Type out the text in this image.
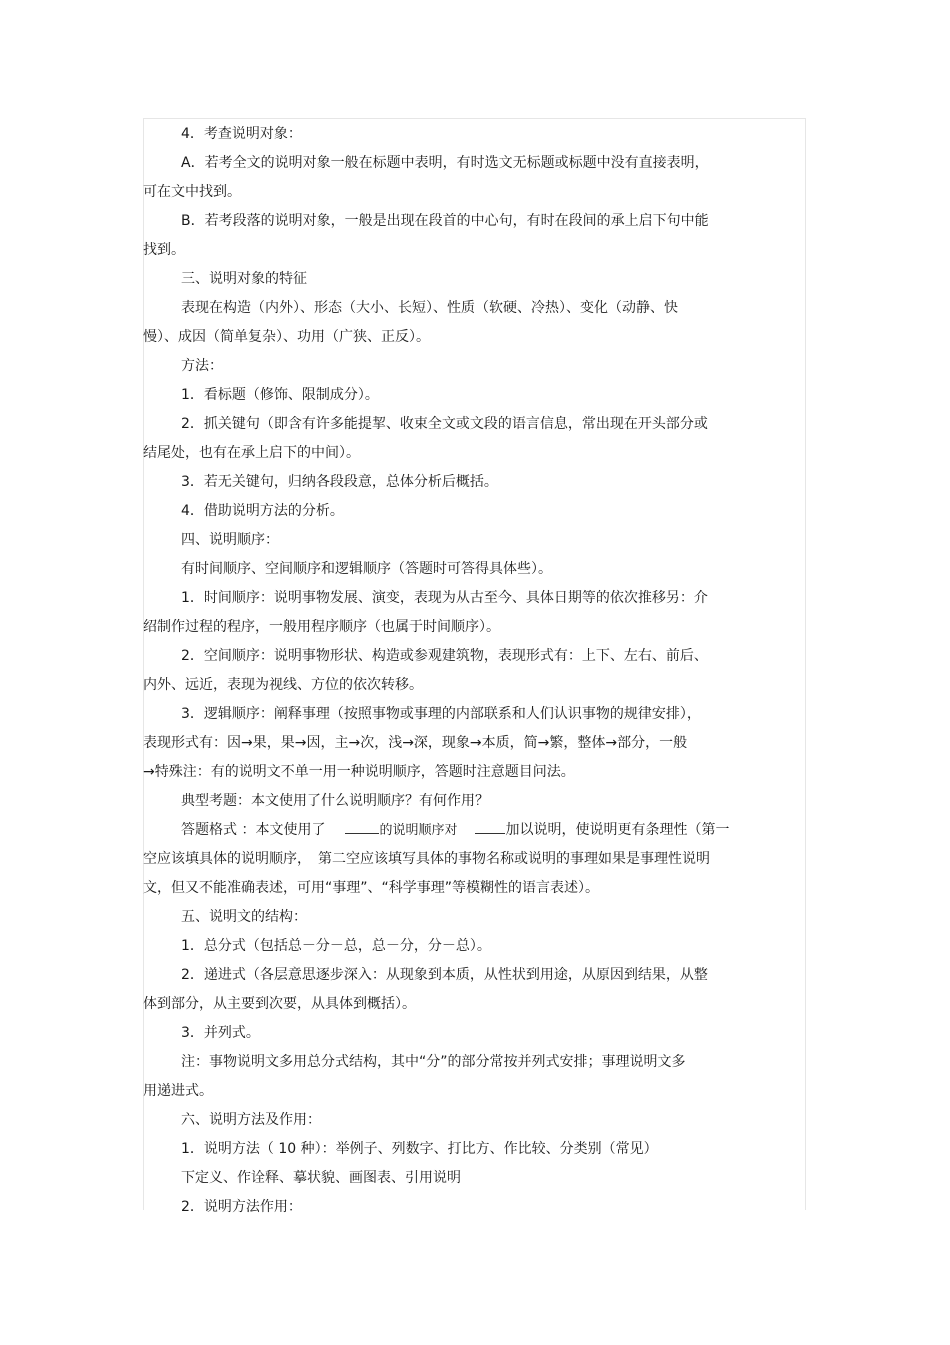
4．考查说明对象：

A．若考全文的说明对象一般在标题中表明，有时选文无标题或标题中没有直接表明，

可在文中找到。

B．若考段落的说明对象，一般是出现在段首的中心句，有时在段间的承上启下句中能

找到。

三、说明对象的特征

表现在构造（内外）、形态（大小、长短）、性质（软硬、冷热）、变化（动静、快

慢）、成因（简单复杂）、功用（广狭、正反）。

方法：

1．看标题（修饰、限制成分）。

2．抓关键句（即含有许多能提挈、收束全文或文段的语言信息，常出现在开头部分或

结尾处，也有在承上启下的中间）。

3．若无关键句，归纳各段段意，总体分析后概括。

4．借助说明方法的分析。

四、说明顺序：

有时间顺序、空间顺序和逻辑顺序（答题时可答得具体些）。

1．时间顺序：说明事物发展、演变，表现为从古至今、具体日期等的依次推移另：介

绍制作过程的程序，一般用程序顺序（也属于时间顺序）。

2．空间顺序：说明事物形状、构造或参观建筑物，表现形式有：上下、左右、前后、

内外、远近，表现为视线、方位的依次转移。

3．逻辑顺序：阐释事理（按照事物或事理的内部联系和人们认识事物的规律安排），

表现形式有：因→果，果→因，主→次，浅→深，现象→本质，简→繁，整体→部分，一般

→特殊注：有的说明文不单一用一种说明顺序，答题时注意题目问法。

典型考题：本文使用了什么说明顺序？有何作用？

答题格式 ：本文使用了	的说明顺序对	加以说明，使说明更有条理性（第一

空应该填具体的说明顺序，　第二空应该填写具体的事物名称或说明的事理如果是事理性说明

文，但又不能准确表述，可用“事理”、“科学事理”等模糊性的语言表述）。

五、说明文的结构：

1．总分式（包括总－分－总，总－分，分－总）。

2．递进式（各层意思逐步深入：从现象到本质，从性状到用途，从原因到结果，从整

体到部分，从主要到次要，从具体到概括）。

3．并列式。

注：事物说明文多用总分式结构，其中“分”的部分常按并列式安排；事理说明文多

用递进式。

六、说明方法及作用：

1．说明方法（ 10 种）：举例子、列数字、打比方、作比较、分类别（常见）

下定义、作诠释、摹状貌、画图表、引用说明

2．说明方法作用：
